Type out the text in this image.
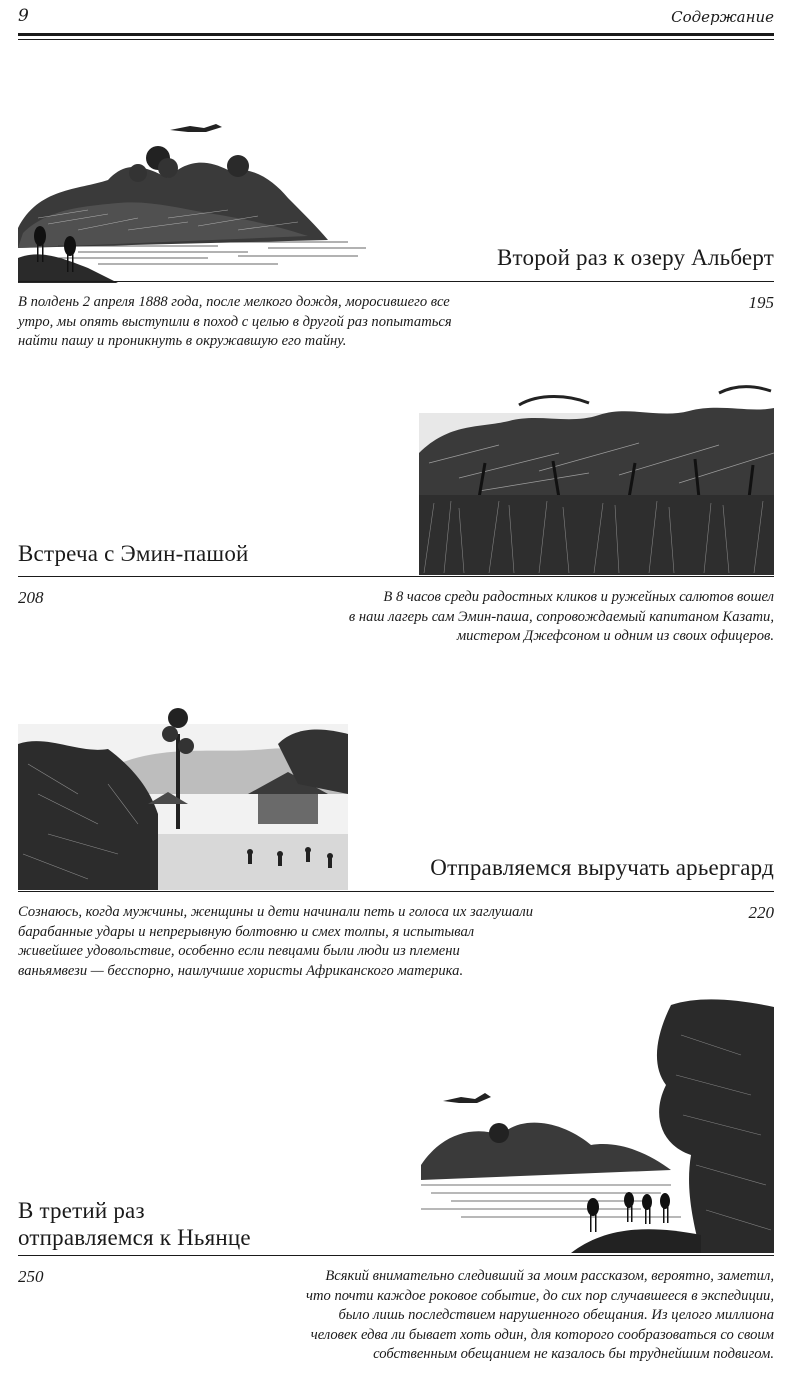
9	Содержание
Второй раз к озеру Альберт
В полдень 2 апреля 1888 года, после мелкого дождя, моросившего все
утро, мы опять выступили в поход с целью в другой раз попытаться
найти пашу и проникнуть в окружавшую его тайну.
195
Встреча с Эмин-пашой
208	В 8 часов среди радостных кликов и ружейных салютов вошел
в наш лагерь сам Эмин-паша, сопровождаемый капитаном Казати,
мистером Джефсоном и одним из своих офицеров.
Отправляемся выручать арьергард
Сознаюсь, когда мужчины, женщины и дети начинали петь и голоса их заглушали
барабанные удары и непрерывную болтовню и смех толпы, я испытывал
живейшее удовольствие, особенно если певцами были люди из племени
ваньямвези — бесспорно, наилучшие хористы Африканского материка.
220
В третий раз
отправляемся к Ньянце
250	Всякий внимательно следивший за моим рассказом, вероятно, заметил,
что почти каждое роковое событие, до сих пор случавшееся в экспедиции,
было лишь последствием нарушенного обещания. Из целого миллиона
человек едва ли бывает хоть один, для которого сообразоваться со своим
собственным обещанием не казалось бы труднейшим подвигом.
